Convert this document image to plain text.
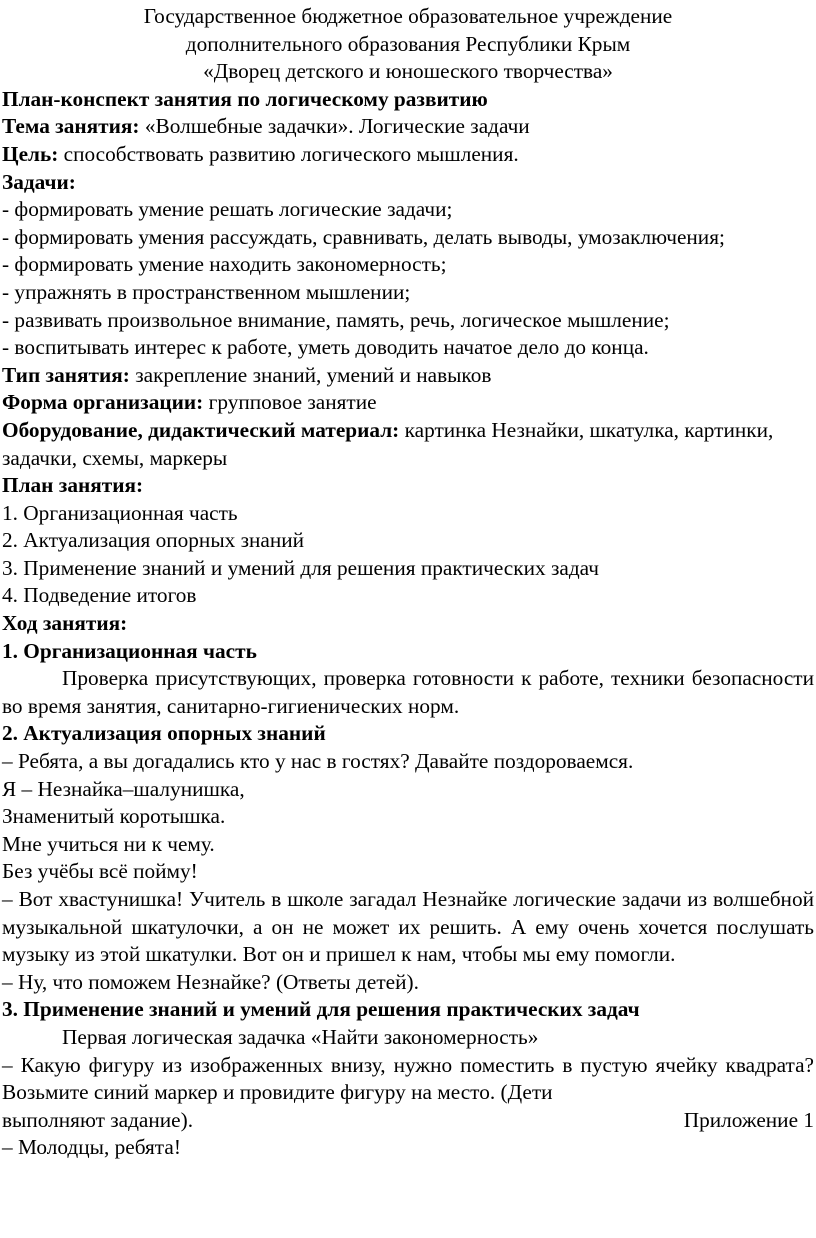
Государственное бюджетное образовательное учреждение

дополнительного образования Республики Крым

«Дворец детского и юношеского творчества»

План-конспект занятия по логическому развитию

Тема занятия: «Волшебные задачки». Логические задачи

Цель: способствовать развитию логического мышления.

Задачи:

- формировать умение решать логические задачи;

- формировать умения рассуждать, сравнивать, делать выводы, умозаключения;

- формировать умение находить закономерность;

- упражнять в пространственном мышлении;

- развивать произвольное внимание, память, речь, логическое мышление;

- воспитывать интерес к работе, уметь доводить начатое дело до конца.

Тип занятия: закрепление знаний, умений и навыков

Форма организации: групповое занятие

Оборудование, дидактический материал: картинка Незнайки, шкатулка, картинки, задачки, схемы, маркеры

План занятия:

1. Организационная часть

2. Актуализация опорных знаний

3. Применение знаний и умений для решения практических задач

4. Подведение итогов

Ход занятия:

1. Организационная часть

Проверка присутствующих, проверка готовности к работе, техники безопасности во время занятия, санитарно-гигиенических норм.

2. Актуализация опорных знаний

– Ребята, а вы догадались кто у нас в гостях? Давайте поздороваемся.

Я – Незнайка–шалунишка,

Знаменитый коротышка.

Мне учиться ни к чему.

Без учёбы всё пойму!

– Вот хвастунишка! Учитель в школе загадал Незнайке логические задачи из волшебной музыкальной шкатулочки, а он не может их решить. А ему очень хочется послушать музыку из этой шкатулки. Вот он и пришел к нам, чтобы мы ему помогли.

– Ну, что поможем Незнайке? (Ответы детей).

3. Применение знаний и умений для решения практических задач

Первая логическая задачка «Найти закономерность»

– Какую фигуру из изображенных внизу, нужно поместить в пустую ячейку квадрата? Возьмите синий маркер и провидите фигуру на место. (Дети

выполняют задание).	Приложение 1

– Молодцы, ребята!
